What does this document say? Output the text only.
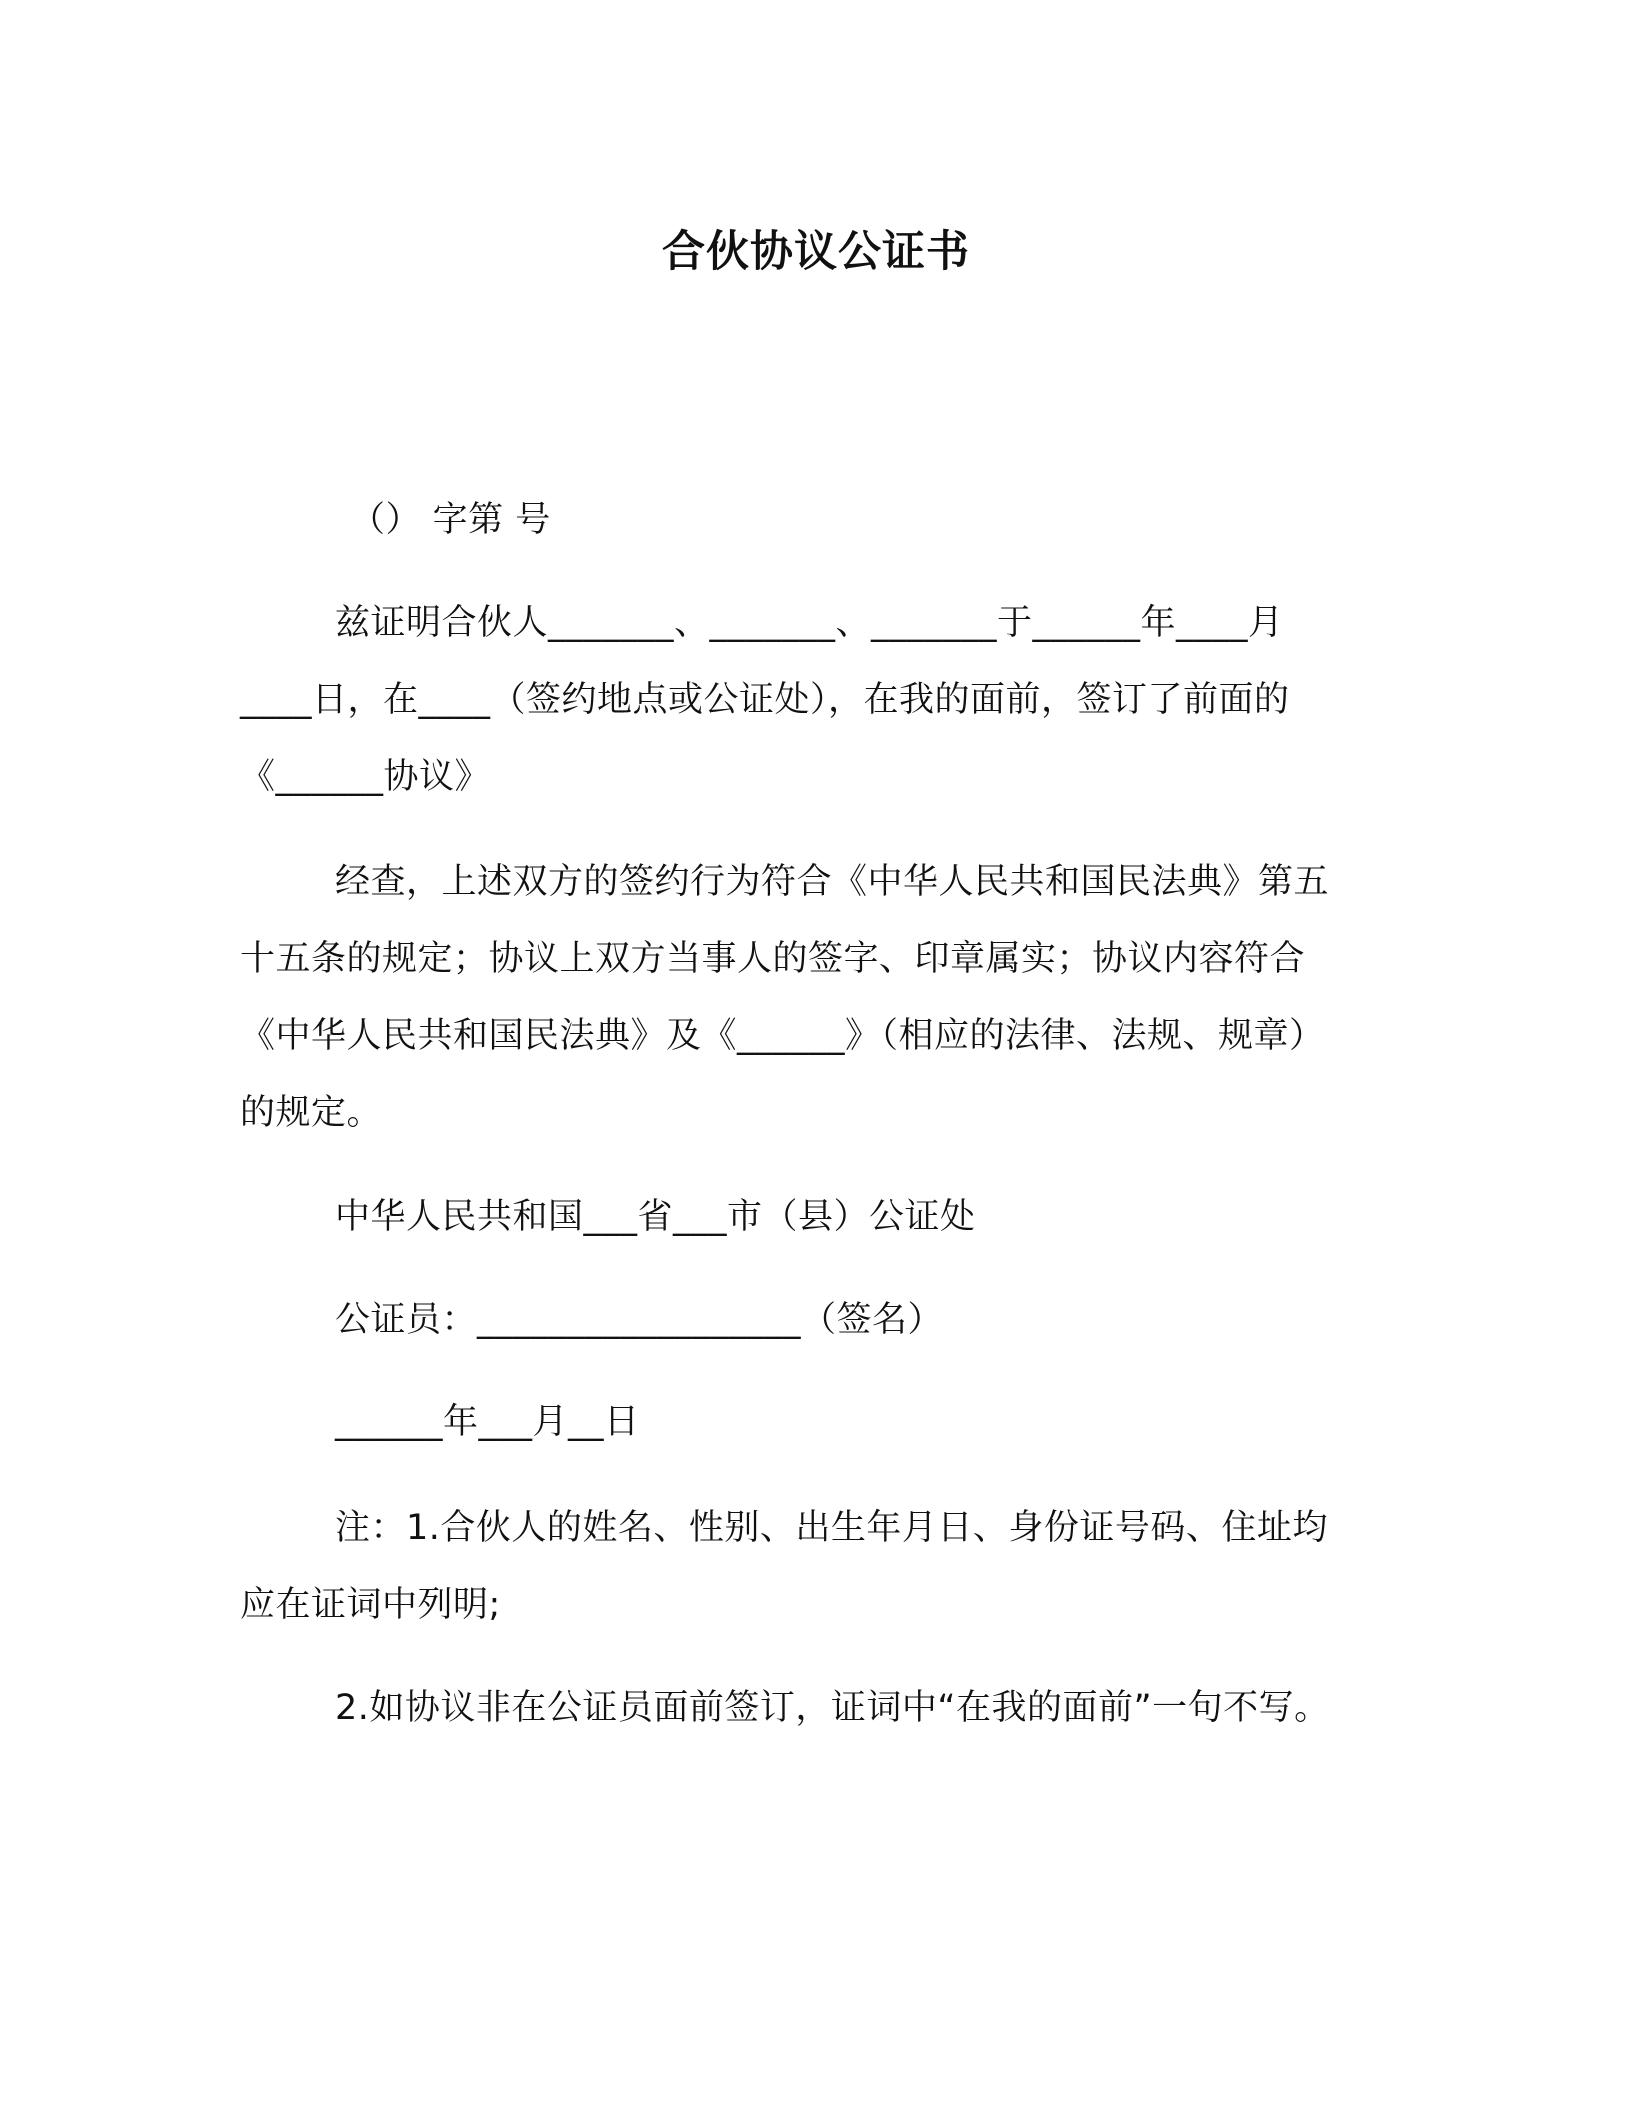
合伙协议公证书
（） 字第 号
兹证明合伙人_______、_______、_______于______年____月
____日，在____（签约地点或公证处），在我的面前，签订了前面的
《______协议》
经查，上述双方的签约行为符合《中华人民共和国民法典》第五
十五条的规定；协议上双方当事人的签字、印章属实；协议内容符合
《中华人民共和国民法典》及《______》（相应的法律、法规、规章）
的规定。
中华人民共和国___省___市（县）公证处
公证员：__________________（签名）
______年___月__日
注：1.合伙人的姓名、性别、出生年月日、身份证号码、住址均
应在证词中列明;
2.如协议非在公证员面前签订，证词中“在我的面前”一句不写。
